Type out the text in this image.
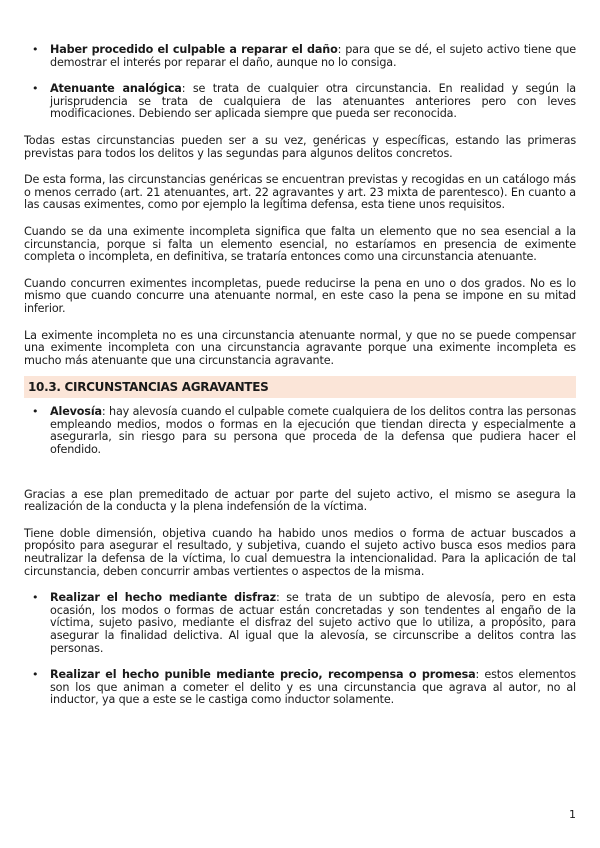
• Haber procedido el culpable a reparar el daño: para que se dé, el sujeto activo tiene que demostrar el interés por reparar el daño, aunque no lo consiga.

• Atenuante analógica: se trata de cualquier otra circunstancia. En realidad y según la jurisprudencia se trata de cualquiera de las atenuantes anteriores pero con leves modificaciones. Debiendo ser aplicada siempre que pueda ser reconocida.

Todas estas circunstancias pueden ser a su vez, genéricas y específicas, estando las primeras previstas para todos los delitos y las segundas para algunos delitos concretos.

De esta forma, las circunstancias genéricas se encuentran previstas y recogidas en un catálogo más o menos cerrado (art. 21 atenuantes, art. 22 agravantes y art. 23 mixta de parentesco). En cuanto a las causas eximentes, como por ejemplo la legítima defensa, esta tiene unos requisitos.

Cuando se da una eximente incompleta significa que falta un elemento que no sea esencial a la circunstancia, porque si falta un elemento esencial, no estaríamos en presencia de eximente completa o incompleta, en definitiva, se trataría entonces como una circunstancia atenuante.

Cuando concurren eximentes incompletas, puede reducirse la pena en uno o dos grados. No es lo mismo que cuando concurre una atenuante normal, en este caso la pena se impone en su mitad inferior.

La eximente incompleta no es una circunstancia atenuante normal, y que no se puede compensar una eximente incompleta con una circunstancia agravante porque una eximente incompleta es mucho más atenuante que una circunstancia agravante.

10.3. CIRCUNSTANCIAS AGRAVANTES

• Alevosía: hay alevosía cuando el culpable comete cualquiera de los delitos contra las personas empleando medios, modos o formas en la ejecución que tiendan directa y especialmente a asegurarla, sin riesgo para su persona que proceda de la defensa que pudiera hacer el ofendido.

Gracias a ese plan premeditado de actuar por parte del sujeto activo, el mismo se asegura la realización de la conducta y la plena indefensión de la víctima.

Tiene doble dimensión, objetiva cuando ha habido unos medios o forma de actuar buscados a propósito para asegurar el resultado, y subjetiva, cuando el sujeto activo busca esos medios para neutralizar la defensa de la víctima, lo cual demuestra la intencionalidad. Para la aplicación de tal circunstancia, deben concurrir ambas vertientes o aspectos de la misma.

• Realizar el hecho mediante disfraz: se trata de un subtipo de alevosía, pero en esta ocasión, los modos o formas de actuar están concretadas y son tendentes al engaño de la víctima, sujeto pasivo, mediante el disfraz del sujeto activo que lo utiliza, a propósito, para asegurar la finalidad delictiva. Al igual que la alevosía, se circunscribe a delitos contra las personas.

• Realizar el hecho punible mediante precio, recompensa o promesa: estos elementos son los que animan a cometer el delito y es una circunstancia que agrava al autor, no al inductor, ya que a este se le castiga como inductor solamente.

1
